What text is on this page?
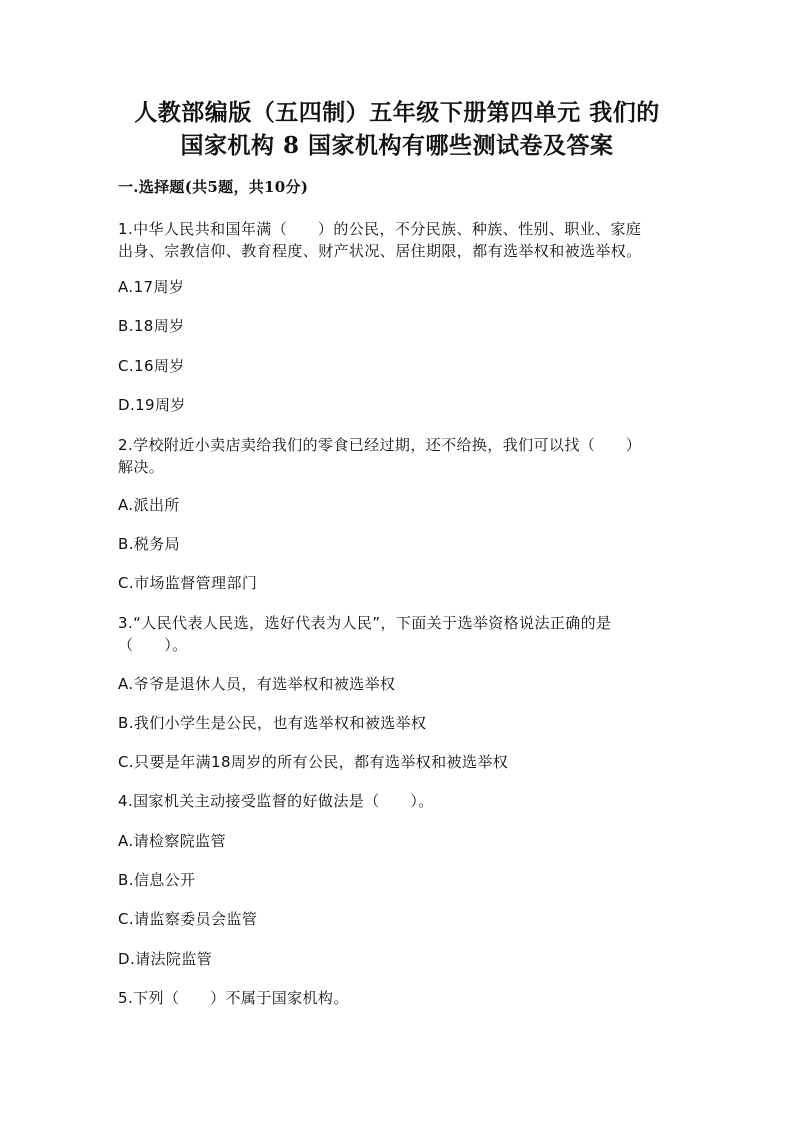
人教部编版（五四制）五年级下册第四单元 我们的
国家机构 8 国家机构有哪些测试卷及答案
一.选择题(共5题，共10分)
1.中华人民共和国年满（　　）的公民，不分民族、种族、性别、职业、家庭
出身、宗教信仰、教育程度、财产状况、居住期限，都有选举权和被选举权。
A.17周岁
B.18周岁
C.16周岁
D.19周岁
2.学校附近小卖店卖给我们的零食已经过期，还不给换，我们可以找（　　）
解决。
A.派出所
B.税务局
C.市场监督管理部门
3.“人民代表人民选，选好代表为人民”，下面关于选举资格说法正确的是
（　　）。
A.爷爷是退休人员，有选举权和被选举权
B.我们小学生是公民，也有选举权和被选举权
C.只要是年满18周岁的所有公民，都有选举权和被选举权
4.国家机关主动接受监督的好做法是（　　）。
A.请检察院监管
B.信息公开
C.请监察委员会监管
D.请法院监管
5.下列（　　）不属于国家机构。
